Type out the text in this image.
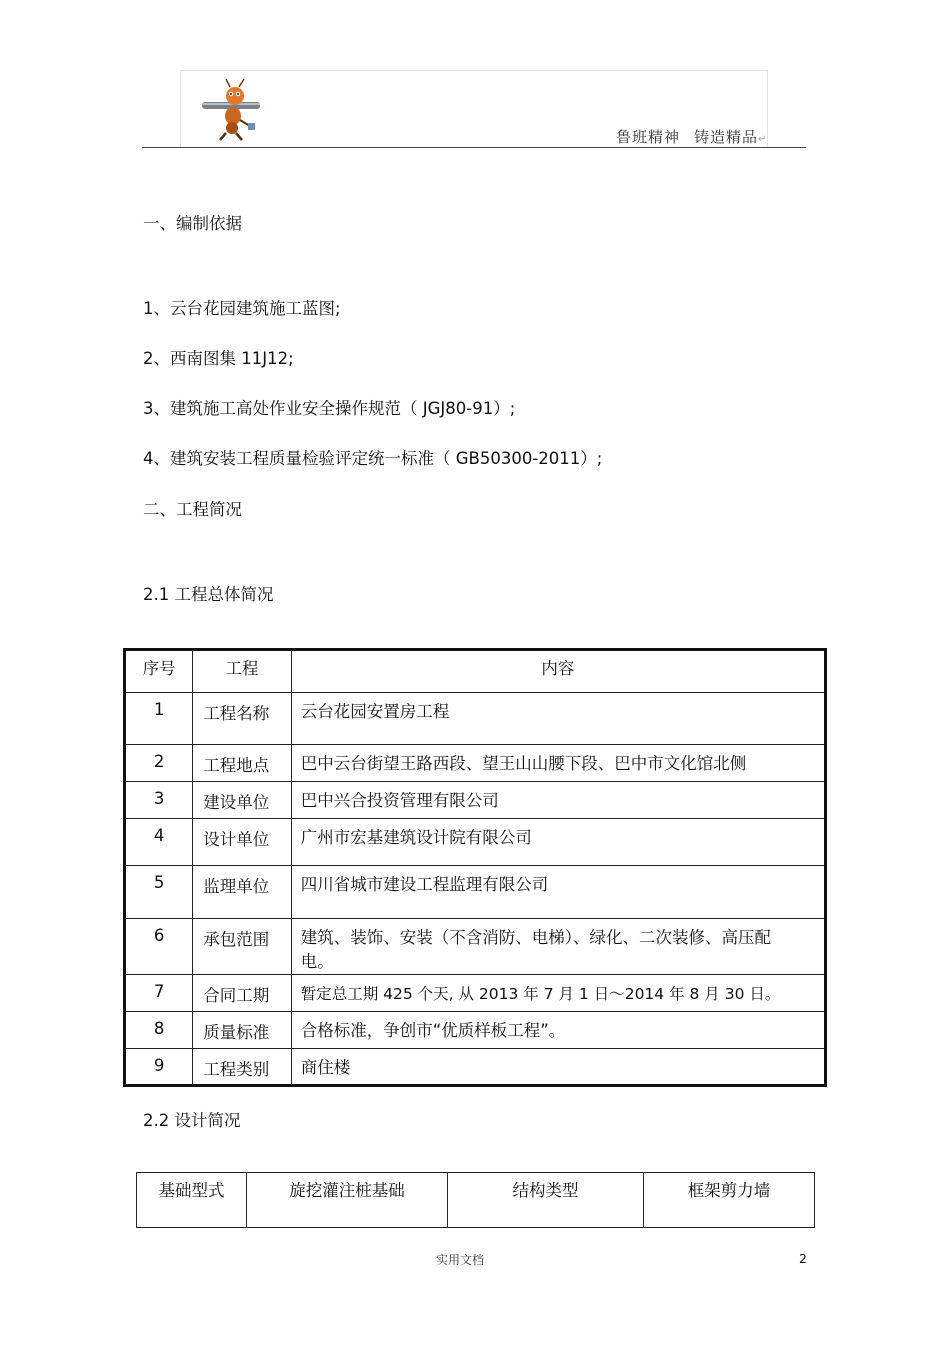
鲁班精神 铸造精品↵
一、编制依据
1、云台花园建筑施工蓝图;
2、西南图集 11J12;
3、建筑施工高处作业安全操作规范（ JGJ80-91）;
4、建筑安装工程质量检验评定统一标准（ GB50300-2011）;
二、工程简况
2.1 工程总体简况
序号	工程	内容
1	工程名称	云台花园安置房工程
2	工程地点	巴中云台街望王路西段、望王山山腰下段、巴中市文化馆北侧
3	建设单位	巴中兴合投资管理有限公司
4	设计单位	广州市宏基建筑设计院有限公司
5	监理单位	四川省城市建设工程监理有限公司
6	承包范围	建筑、装饰、安装（不含消防、电梯）、绿化、二次装修、高压配电。
7	合同工期	暂定总工期 425 个天, 从 2013 年 7 月 1 日～2014 年 8 月 30 日。
8	质量标准	合格标准，争创市“优质样板工程”。
9	工程类别	商住楼
2.2 设计简况
基础型式	旋挖灌注桩基础	结构类型	框架剪力墙
实用文档	2
